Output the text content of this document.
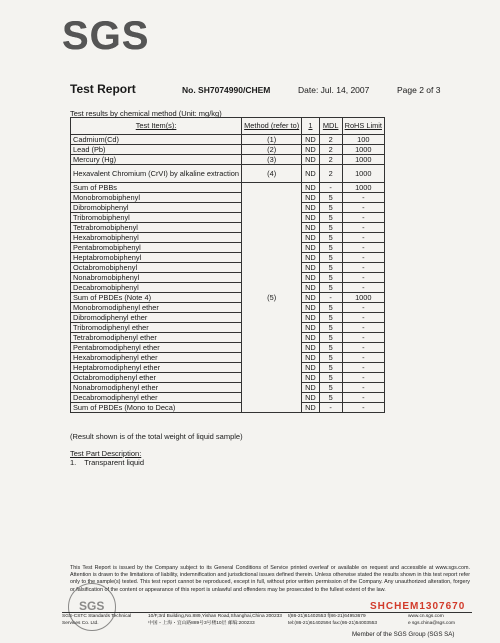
SGS
Test Report	No. SH7074990/CHEM	Date: Jul. 14, 2007	Page 2 of 3
Test results by chemical method (Unit: mg/kg)
Test Item(s):	Method (refer to)	1	MDL	RoHS Limit
Cadmium(Cd)	(1)	ND	2	100
Lead (Pb)	(2)	ND	2	1000
Mercury (Hg)	(3)	ND	2	1000
Hexavalent Chromium (CrVI) by alkaline extraction	(4)	ND	2	1000
Sum of PBBs	(5)	ND	-	1000
Monobromobiphenyl		ND	5	-
Dibromobiphenyl		ND	5	-
Tribromobiphenyl		ND	5	-
Tetrabromobiphenyl		ND	5	-
Hexabromobiphenyl		ND	5	-
Pentabromobiphenyl		ND	5	-
Heptabromobiphenyl		ND	5	-
Octabromobiphenyl		ND	5	-
Nonabromobiphenyl		ND	5	-
Decabromobiphenyl		ND	5	-
Sum of PBDEs (Note 4)		ND	-	1000
Monobromodiphenyl ether		ND	5	-
Dibromodiphenyl ether		ND	5	-
Tribromodiphenyl ether		ND	5	-
Tetrabromodiphenyl ether		ND	5	-
Pentabromodiphenyl ether		ND	5	-
Hexabromodiphenyl ether		ND	5	-
Heptabromodiphenyl ether		ND	5	-
Octabromodiphenyl ether		ND	5	-
Nonabromodiphenyl ether		ND	5	-
Decabromodiphenyl ether		ND	5	-
Sum of PBDEs (Mono to Deca)		ND	-	-
(Result shown is of the total weight of liquid sample)
Test Part Description:
1. Transparent liquid
This Test Report is issued by the Company subject to its General Conditions of Service printed overleaf or available on request and accessible at www.sgs.com. Attention is drawn to the limitations of liability, indemnification and jurisdictional issues defined therein. Unless otherwise stated the results shown in this test report refer only to the sample(s) tested. This test report cannot be reproduced, except in full, without prior written permission of the Company. Any unauthorized alteration, forgery or falsification of the content or appearance of this report is unlawful and offenders may be prosecuted to the fullest extent of the law.
SGS	SHCHEM1307670
SGS-CSTC Standards Technical Services Co. Ltd.
10/F,3rd Building,No.889,Yishan Road,Shanghai,China 200233
中国・上海・宜山路889号3号楼10层 邮编:200233
t(86-21)61402553 f(86-21)64953679
tel:(86-21)61402594 fax:(86-21)54003553
www.cn.sgs.com
e sgs.china@sgs.com
Member of the SGS Group (SGS SA)
